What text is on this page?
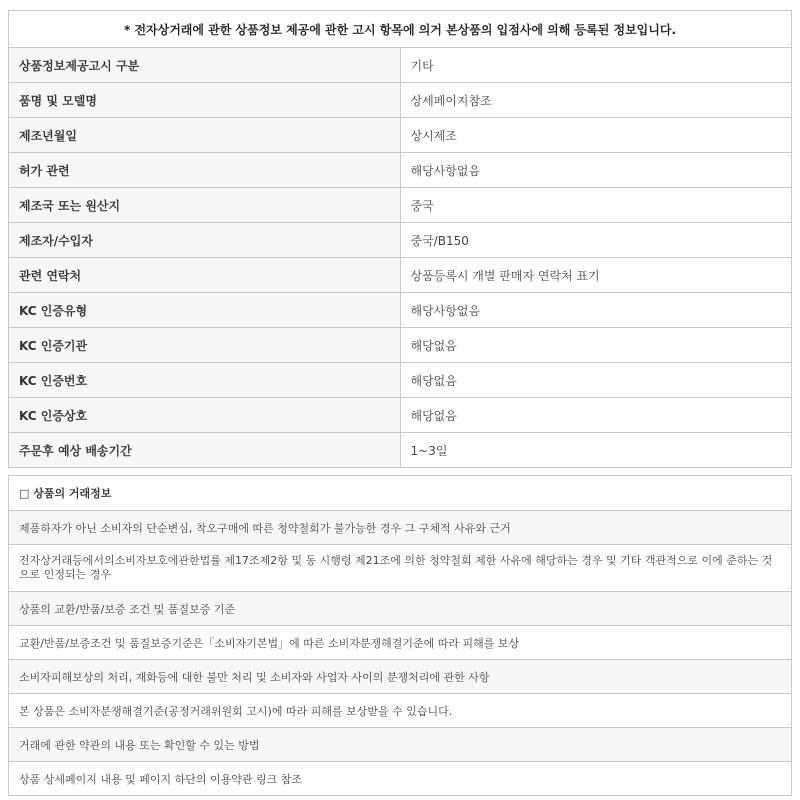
* 전자상거래에 관한 상품정보 제공에 관한 고시 항목에 의거 본상품의 입점사에 의해 등록된 정보입니다.	
상품정보제공고시 구분	기타
품명 및 모델명	상세페이지참조
제조년월일	상시제조
허가 관련	해당사항없음
제조국 또는 원산지	중국
제조자/수입자	중국/B150
관련 연락처	상품등록시 개별 판매자 연락처 표기
KC 인증유형	해당사항없음
KC 인증기관	해당없음
KC 인증번호	해당없음
KC 인증상호	해당없음
주문후 예상 배송기간	1~3일
□ 상품의 거래정보
제품하자가 아닌 소비자의 단순변심, 착오구매에 따른 청약철회가 불가능한 경우 그 구체적 사유와 근거
전자상거래등에서의소비자보호에관한법률 제17조제2항 및 동 시행령 제21조에 의한 청약철회 제한 사유에 해당하는 경우 및 기타 객관적으로 이에 준하는 것으로 인정되는 경우
상품의 교환/반품/보증 조건 및 품질보증 기준
교환/반품/보증조건 및 품질보증기준은「소비자기본법」에 따른 소비자분쟁해결기준에 따라 피해를 보상
소비자피해보상의 처리, 재화등에 대한 불만 처리 및 소비자와 사업자 사이의 분쟁처리에 관한 사항
본 상품은 소비자분쟁해결기준(공정거래위원회 고시)에 따라 피해를 보상받을 수 있습니다.
거래에 관한 약관의 내용 또는 확인할 수 있는 방법
상품 상세페이지 내용 및 페이지 하단의 이용약관 링크 참조
